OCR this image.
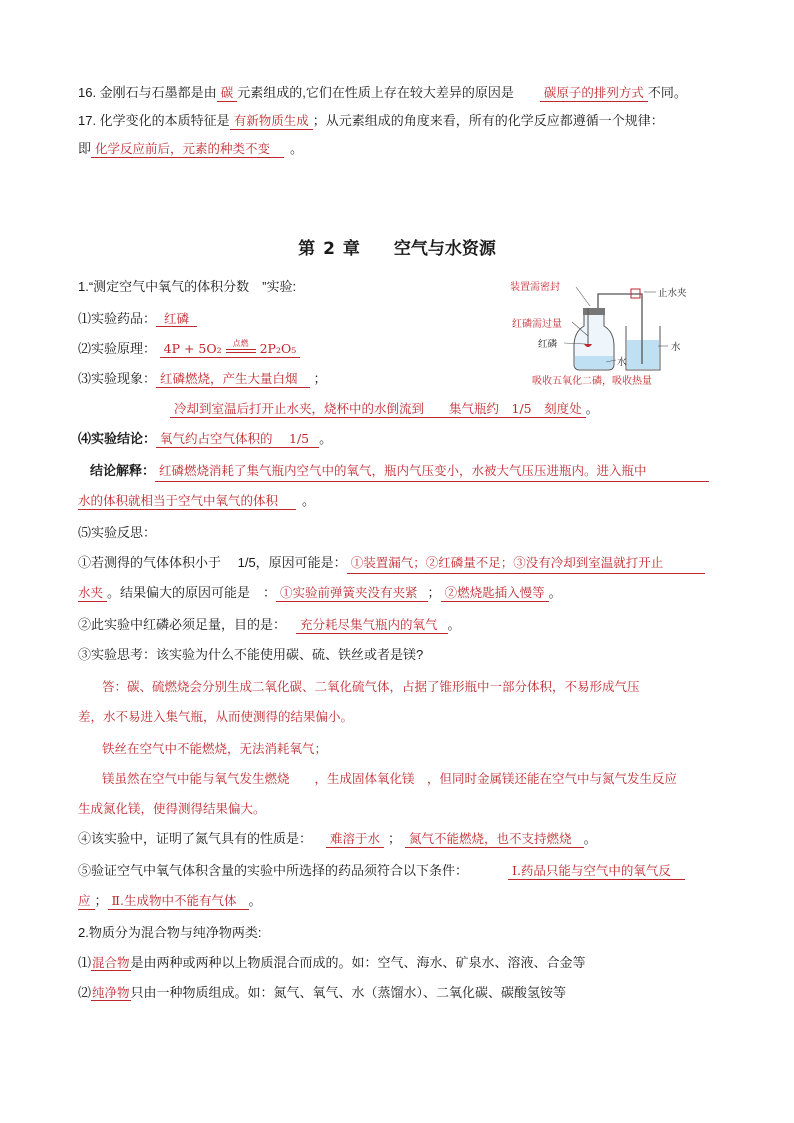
16. 金刚石与石墨都是由 碳 元素组成的,它们在性质上存在较大差异的原因是 碳原子的排列方式 不同。
17. 化学变化的本质特征是 有新物质生成 ；从元素组成的角度来看，所有的化学反应都遵循一个规律：
即 化学反应前后，元素的种类不变 。
第 2 章 空气与水资源
1.“测定空气中氧气的体积分数　”实验:
⑴实验药品： 红磷
⑵实验原理： 4P + 5O₂	点燃 2P₂O₅
⑶实验现象： 红磷燃烧，产生大量白烟 ；
冷却到室温后打开止水夹，烧杯中的水倒流到　　集气瓶约　1/5　刻度处 。
⑷实验结论： 氧气约占空气体积的　 1/5 。
结论解释： 红磷燃烧消耗了集气瓶内空气中的氧气，瓶内气压变小，水被大气压压进瓶内。进入瓶中
水的体积就相当于空气中氧气的体积 。
⑸实验反思：
①若测得的气体体积小于　 1/5，原因可能是： ①装置漏气；②红磷量不足；③没有冷却到室温就打开止
水夹 。结果偏大的原因可能是　： ①实验前弹簧夹没有夹紧 ； ②燃烧匙插入慢等 。
②此实验中红磷必须足量，目的是： 充分耗尽集气瓶内的氧气 。
③实验思考：该实验为什么不能使用碳、硫、铁丝或者是镁?
答：碳、硫燃烧会分别生成二氧化碳、二氧化硫气体，占据了锥形瓶中一部分体积，不易形成气压
差，水不易进入集气瓶，从而使测得的结果偏小。
铁丝在空气中不能燃烧，无法消耗氧气；
镁虽然在空气中能与氧气发生燃烧　　，生成固体氧化镁　，但同时金属镁还能在空气中与氮气发生反应
生成氮化镁，使得测得结果偏大。
④该实验中，证明了氮气具有的性质是： 难溶于水 ； 氮气不能燃烧，也不支持燃烧 。
⑤验证空气中氧气体积含量的实验中所选择的药品须符合以下条件：	Ⅰ.药品只能与空气中的氧气反
应 ； Ⅱ.生成物中不能有气体 。
2.物质分为混合物与纯净物两类:
⑴混合物是由两种或两种以上物质混合而成的。如：空气、海水、矿泉水、溶液、合金等
⑵纯净物只由一种物质组成。如：氮气、氧气、水（蒸馏水）、二氧化碳、碳酸氢铵等
装置需密封
止水夹
红磷需过量
红磷
水
水
吸收五氧化二磷，吸收热量
